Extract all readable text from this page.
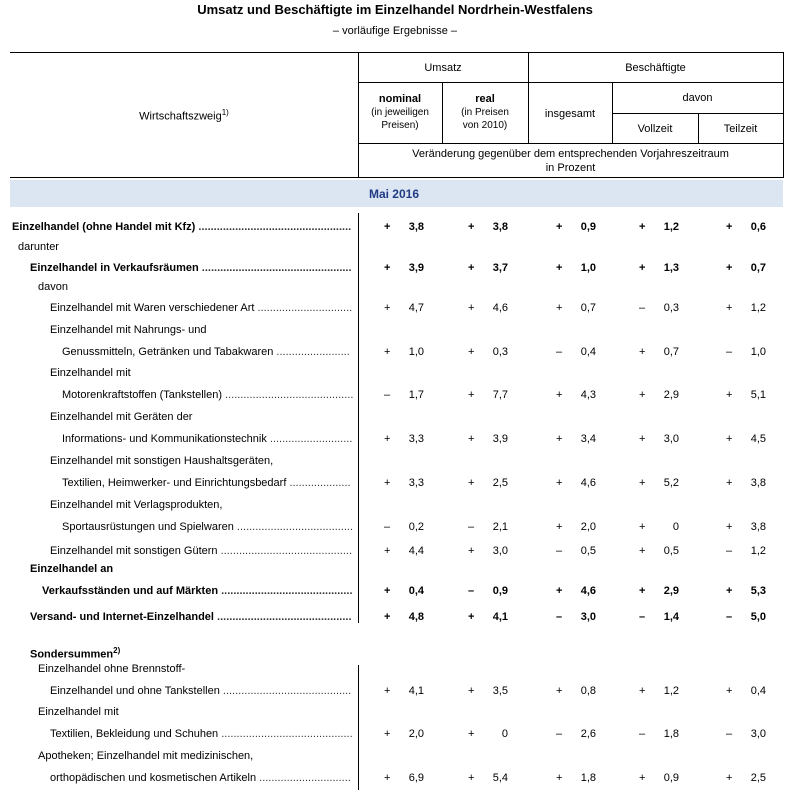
Umsatz und Beschäftigte im Einzelhandel Nordrhein-Westfalens
– vorläufige Ergebnisse –
Wirtschaftszweig$^{1)}$
Umsatz	Beschäftigte
nominal
(in jeweiligen
Preisen)
real
(in Preisen
von 2010)
insgesamt
davon
Vollzeit	Teilzeit
Veränderung gegenüber dem entsprechenden Vorjahreszeitraum
in Prozent
Mai 2016
Einzelhandel (ohne Handel mit Kfz) ..................................................	+ 3,8	+ 3,8	+ 0,9	+ 1,2	+ 0,6
darunter
Einzelhandel in Verkaufsräumen .................................................	+ 3,9	+ 3,7	+ 1,0	+ 1,3	+ 0,7
davon
Einzelhandel mit Waren verschiedener Art ...............................	+ 4,7	+ 4,6	+ 0,7	– 0,3	+ 1,2
Einzelhandel mit Nahrungs- und
Genussmitteln, Getränken und Tabakwaren ........................	+ 1,0	+ 0,3	– 0,4	+ 0,7	– 1,0
Einzelhandel mit
Motorenkraftstoffen (Tankstellen) ..........................................	– 1,7	+ 7,7	+ 4,3	+ 2,9	+ 5,1
Einzelhandel mit Geräten der
Informations- und Kommunikationstechnik ...........................	+ 3,3	+ 3,9	+ 3,4	+ 3,0	+ 4,5
Einzelhandel mit sonstigen Haushaltsgeräten,
Textilien, Heimwerker- und Einrichtungsbedarf ....................	+ 3,3	+ 2,5	+ 4,6	+ 5,2	+ 3,8
Einzelhandel mit Verlagsprodukten,
Sportausrüstungen und Spielwaren ......................................	– 0,2	– 2,1	+ 2,0	+ 0	+ 3,8
Einzelhandel mit sonstigen Gütern ...........................................	+ 4,4	+ 3,0	– 0,5	+ 0,5	– 1,2
Einzelhandel an
Verkaufsständen und auf Märkten ...........................................	+ 0,4	– 0,9	+ 4,6	+ 2,9	+ 5,3
Versand- und Internet-Einzelhandel ............................................	+ 4,8	+ 4,1	– 3,0	– 1,4	– 5,0
Sondersummen$^{2)}$
Einzelhandel ohne Brennstoff-
Einzelhandel und ohne Tankstellen ..........................................	+ 4,1	+ 3,5	+ 0,8	+ 1,2	+ 0,4
Einzelhandel mit
Textilien, Bekleidung und Schuhen ...........................................	+ 2,0	+ 0	– 2,6	– 1,8	– 3,0
Apotheken; Einzelhandel mit medizinischen,
orthopädischen und kosmetischen Artikeln ..............................	+ 6,9	+ 5,4	+ 1,8	+ 0,9	+ 2,5
